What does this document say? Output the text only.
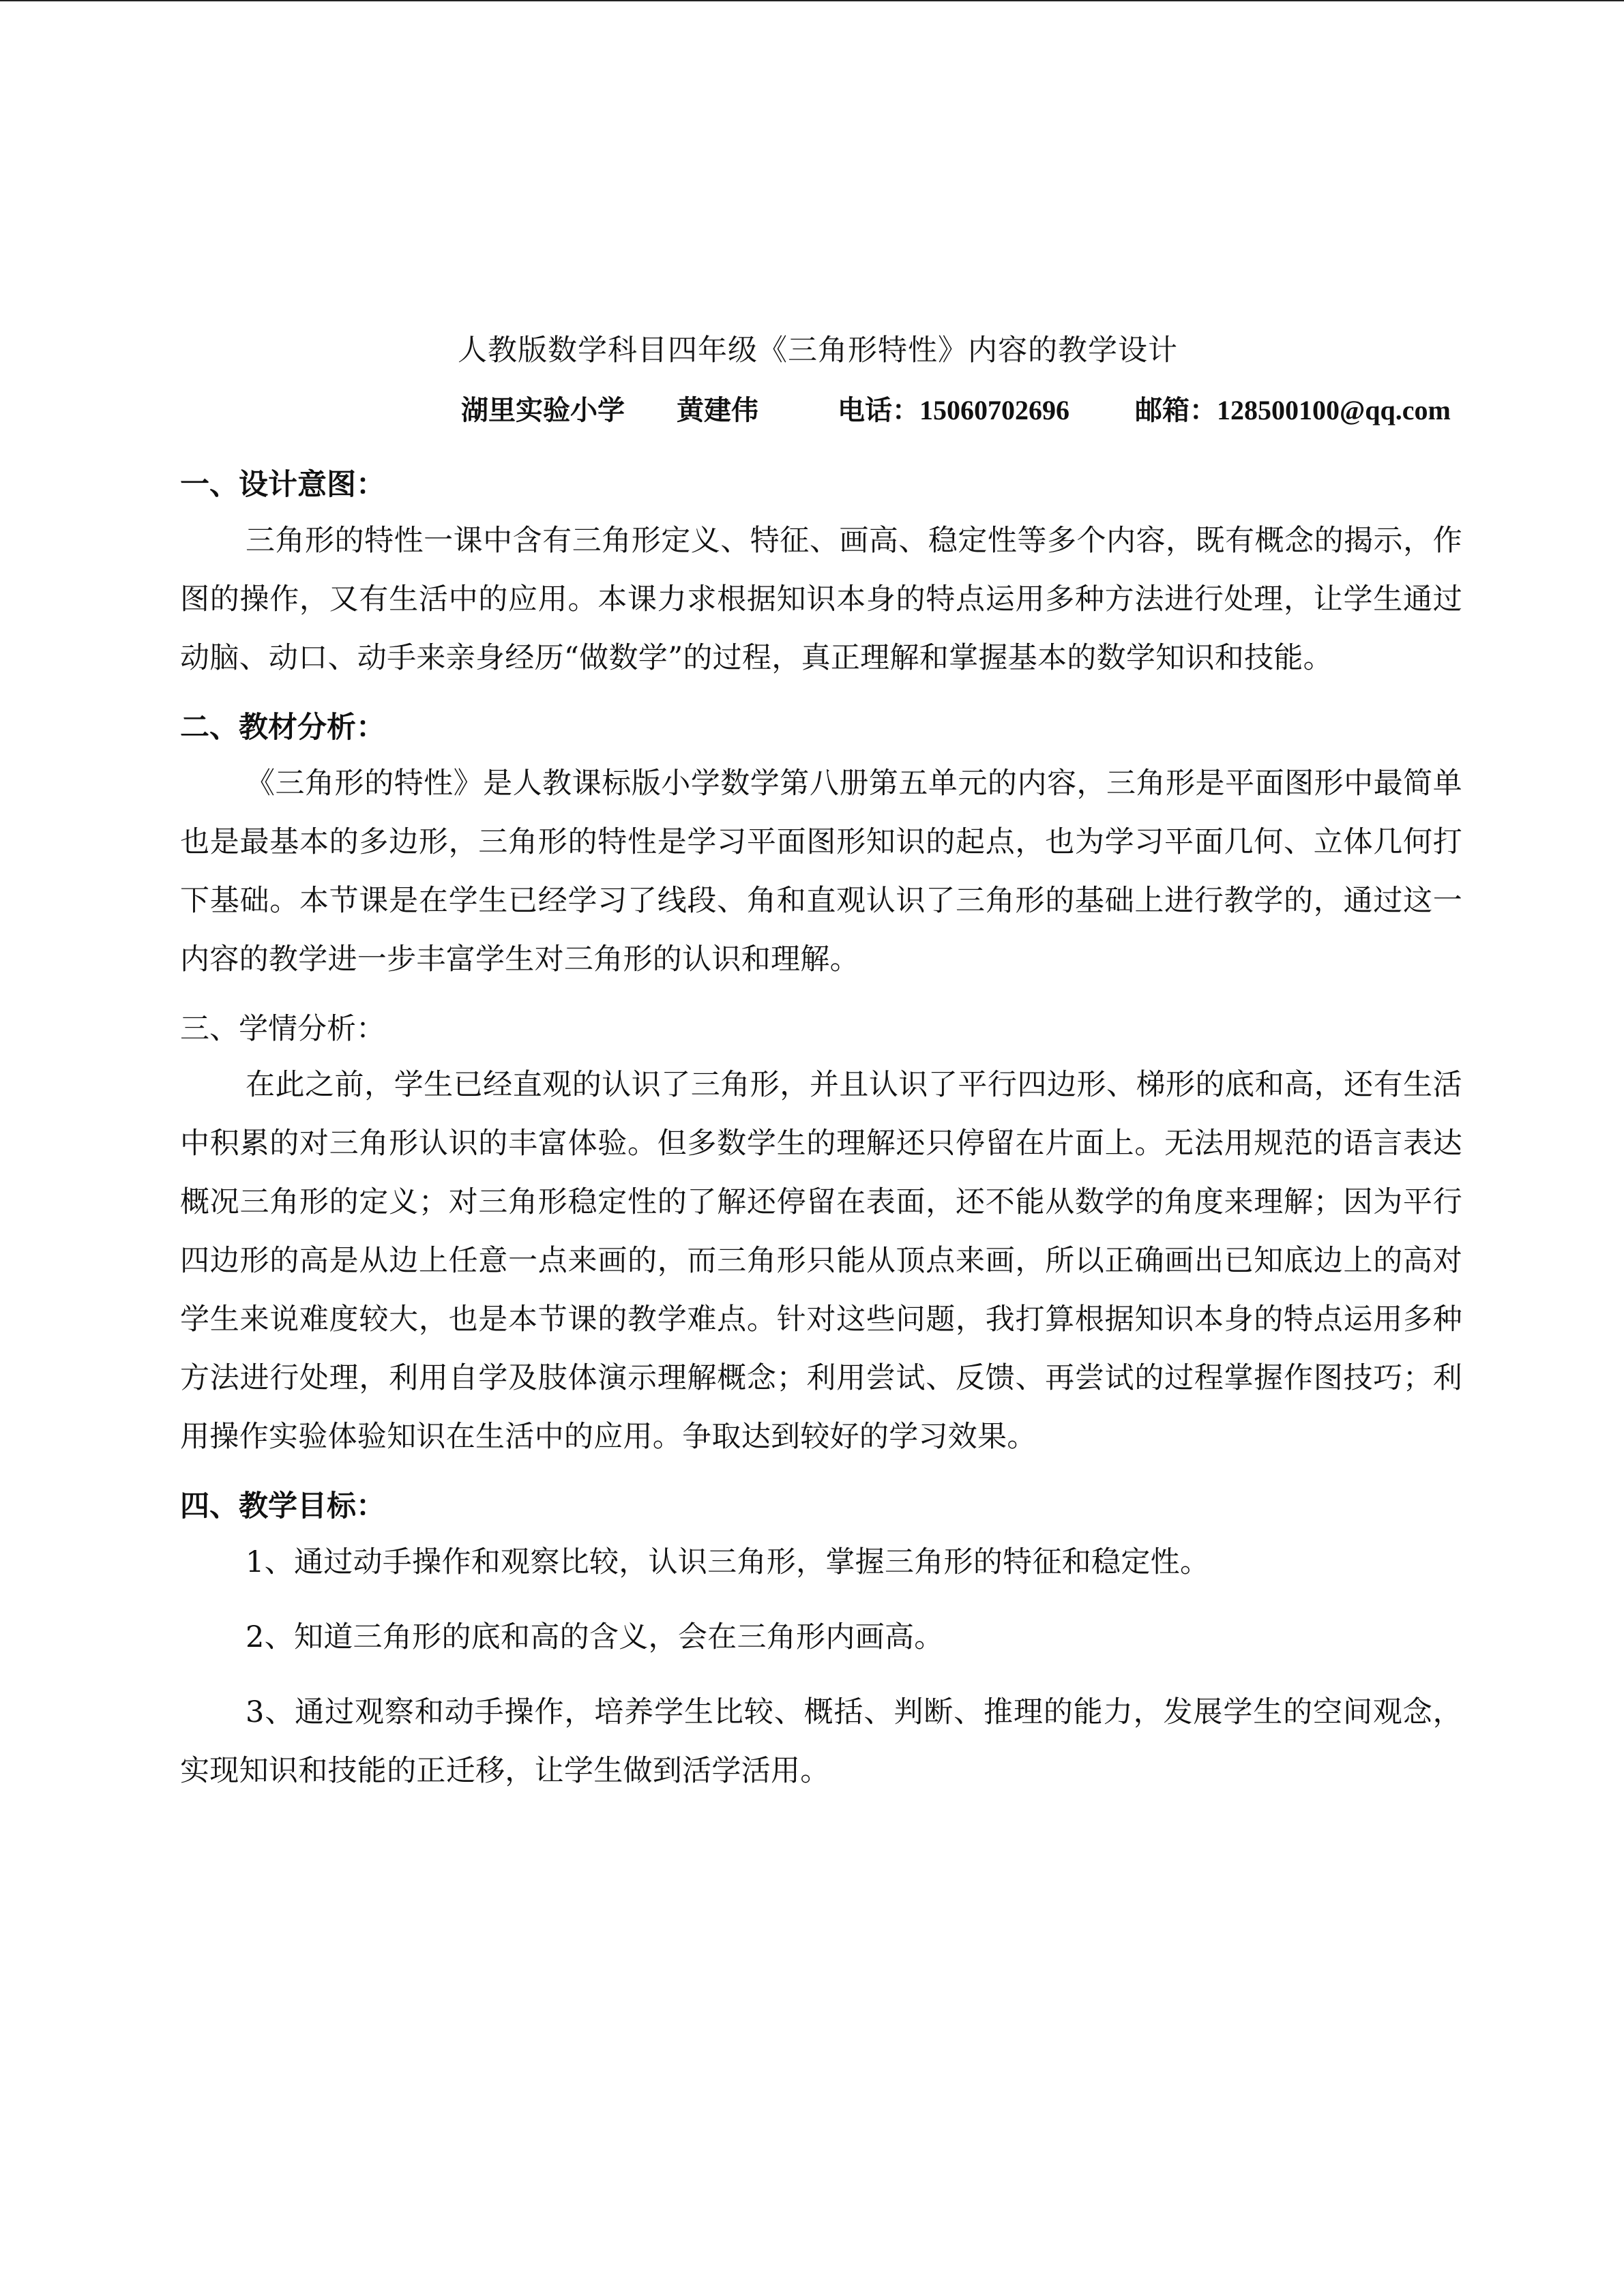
人教版数学科目四年级《三角形特性》内容的教学设计
湖里实验小学 黄建伟	电话：15060702696 邮箱：128500100@qq.com
一、设计意图：

三角形的特性一课中含有三角形定义、特征、画高、稳定性等多个内容，既有概念的揭示，作图的操作，又有生活中的应用。本课力求根据知识本身的特点运用多种方法进行处理，让学生通过动脑、动口、动手来亲身经历“做数学”的过程，真正理解和掌握基本的数学知识和技能。

二、教材分析：

《三角形的特性》是人教课标版小学数学第八册第五单元的内容，三角形是平面图形中最简单也是最基本的多边形，三角形的特性是学习平面图形知识的起点，也为学习平面几何、立体几何打下基础。本节课是在学生已经学习了线段、角和直观认识了三角形的基础上进行教学的，通过这一内容的教学进一步丰富学生对三角形的认识和理解。

三、学情分析：

在此之前，学生已经直观的认识了三角形，并且认识了平行四边形、梯形的底和高，还有生活中积累的对三角形认识的丰富体验。但多数学生的理解还只停留在片面上。无法用规范的语言表达概况三角形的定义；对三角形稳定性的了解还停留在表面，还不能从数学的角度来理解；因为平行四边形的高是从边上任意一点来画的，而三角形只能从顶点来画，所以正确画出已知底边上的高对学生来说难度较大，也是本节课的教学难点。针对这些问题，我打算根据知识本身的特点运用多种方法进行处理，利用自学及肢体演示理解概念；利用尝试、反馈、再尝试的过程掌握作图技巧；利用操作实验体验知识在生活中的应用。争取达到较好的学习效果。

四、教学目标：

1、通过动手操作和观察比较，认识三角形，掌握三角形的特征和稳定性。

2、知道三角形的底和高的含义，会在三角形内画高。

3、通过观察和动手操作，培养学生比较、概括、判断、推理的能力，发展学生的空间观念，实现知识和技能的正迁移，让学生做到活学活用。
